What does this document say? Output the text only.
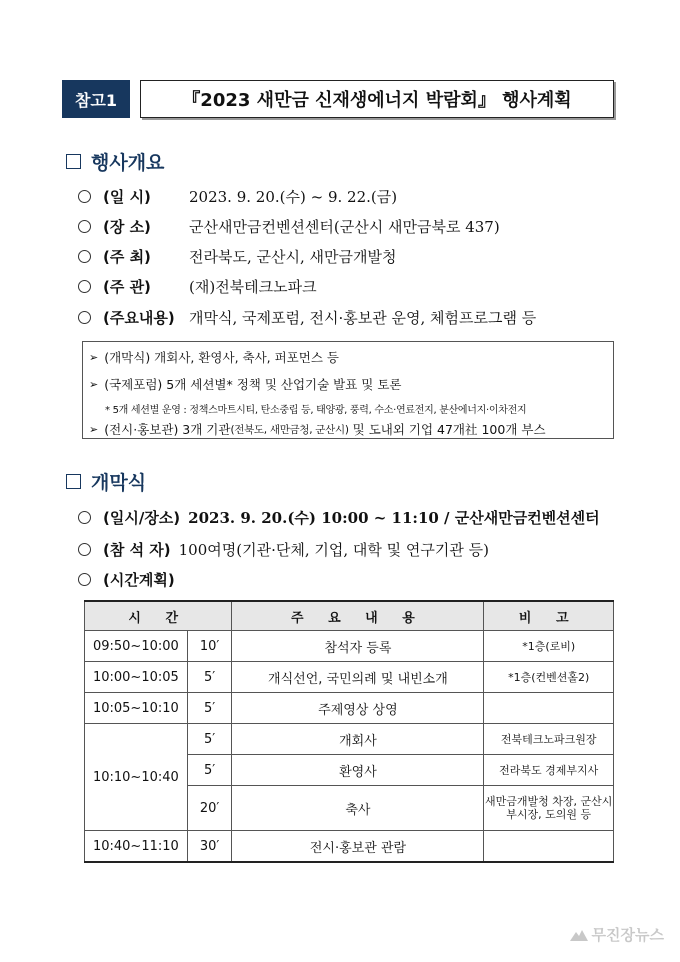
참고1	『2023 새만금 신재생에너지 박람회』 행사계획
행사개요
(일 시)	2023. 9. 20.(수) ~ 9. 22.(금)
(장 소)	군산새만금컨벤션센터(군산시 새만금북로 437)
(주 최)	전라북도, 군산시, 새만금개발청
(주 관)	(재)전북테크노파크
(주요내용) 개막식, 국제포럼, 전시·홍보관 운영, 체험프로그램 등
➢ (개막식) 개회사, 환영사, 축사, 퍼포먼스 등
➢ (국제포럼) 5개 세션별* 정책 및 산업기술 발표 및 토론
* 5개 세션별 운영 : 정책스마트시티, 탄소중립 등, 태양광, 풍력, 수소·연료전지, 분산에너지·이차전지
➢ (전시·홍보관) 3개 기관 (전북도, 새만금청, 군산시) 및 도내외 기업 47개社 100개 부스
개막식
(일시/장소) 2023. 9. 20.(수) 10:00 ~ 11:10 / 군산새만금컨벤션센터
(참 석 자) 100여명(기관·단체, 기업, 대학 및 연구기관 등)
(시간계획)
시 간		주 요 내 용	비 고
09:50~10:00	10′	참석자 등록	*1층(로비)
10:00~10:05	5′	개식선언, 국민의례 및 내빈소개	*1층(컨벤션홀2)
10:05~10:10	5′	주제영상 상영	
10:10~10:40	5′	개회사	전북테크노파크원장
	5′	환영사	전라북도 경제부지사
	20′	축사	새만금개발청 차장, 군산시 부시장, 도의원 등
10:40~11:10	30′	전시·홍보관 관람	
무진장뉴스
